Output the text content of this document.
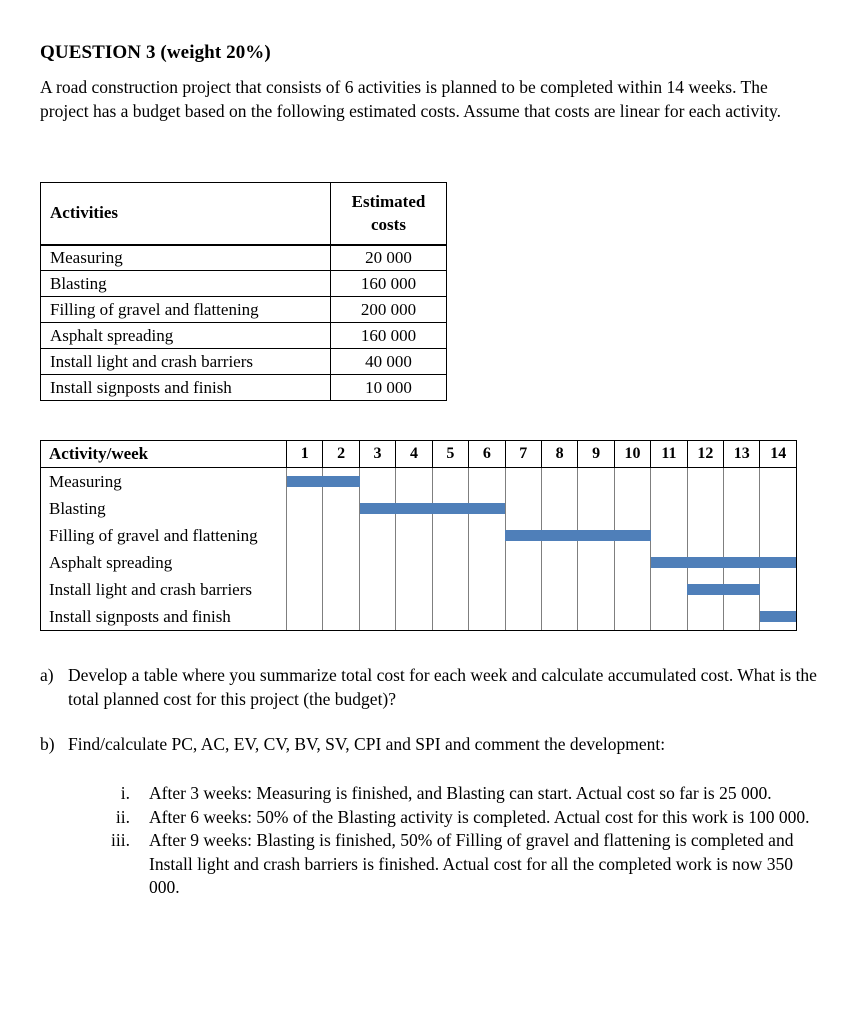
QUESTION 3 (weight 20%)
A road construction project that consists of 6 activities is planned to be completed within 14 weeks. The project has a budget based on the following estimated costs. Assume that costs are linear for each activity.
Activities	Estimated
costs
Measuring	20 000
Blasting	160 000
Filling of gravel and flattening	200 000
Asphalt spreading	160 000
Install light and crash barriers	40 000
Install signposts and finish	10 000
Activity/week	1	2	3	4	5	6	7	8	9	10	11	12	13	14
Measuring
Blasting
Filling of gravel and flattening
Asphalt spreading
Install light and crash barriers
Install signposts and finish
a) Develop a table where you summarize total cost for each week and calculate accumulated cost. What is the total planned cost for this project (the budget)?
b) Find/calculate PC, AC, EV, CV, BV, SV, CPI and SPI and comment the development:
i.	After 3 weeks: Measuring is finished, and Blasting can start. Actual cost so far is 25 000.
ii.	After 6 weeks: 50% of the Blasting activity is completed. Actual cost for this work is 100 000.
iii.	After 9 weeks: Blasting is finished, 50% of Filling of gravel and flattening is completed and Install light and crash barriers is finished. Actual cost for all the completed work is now 350 000.
